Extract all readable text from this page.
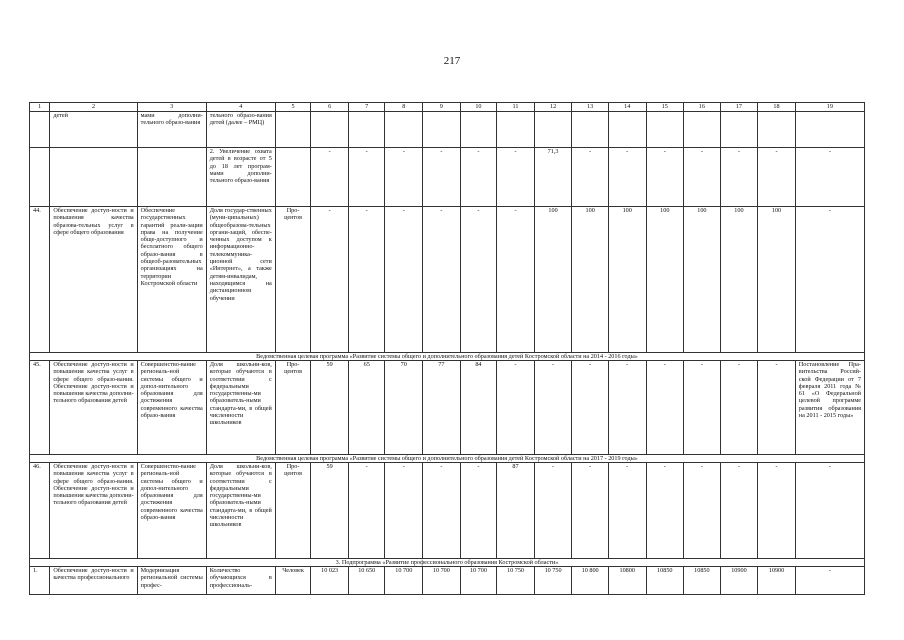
217
1	2	3	4	5	6	7	8	9	10	11	12	13	14	15	16	17	18	19
	детей	мами дополни-тельного образо-вания	тельного образо-вания детей (далее – РМЦ)															
			2. Увеличение охвата детей в возрасте от 5 до 18 лет програм-мами дополни-тельного образо-вания		-	-	-	-	-	-	71,3	-	-	-	-	-	-	-
44.	Обеспечение доступ-ности и повышения качества образова-тельных услуг в сфере общего образования	Обеспечение государственных гарантий реали-зации права на получение обще-доступного и бесплатного общего образо-вания в общеоб-разовательных организациях на территории Костромской области	Доля государ-ственных (муни-ципальных) общеобразова-тельных органи-заций, обеспе-ченных доступом к информационно-телекоммуника-ционной сети «Интернет», а также детям-инвалидам, находящимся на дистанционном обучении	Про-центов	-	-	-	-	-	-	100	100	100	100	100	100	100	-
Ведомственная целевая программа «Развитие системы общего и дополнительного образования детей Костромской области на 2014 - 2016 годы»																		
45.	Обеспечение доступ-ности и повышения качества услуг в сфере общего образо-вания. Обеспечение доступ-ности и повышения качества дополни-тельного образования детей	Совершенство-вание региональ-ной системы общего и допол-нительного образования для достижения современного качества образо-вания	Доля школьни-ков, которые обучаются в соответствии с федеральными государственны-ми образователь-ными стандарта-ми, в общей численности школьников	Про-центов	59	65	70	77	84	-	-	-	-	-	-	-	-	Постановление Пра-вительства Россий-ской Федерации от 7 февраля 2011 года № 61 «О Федеральной целевой программе развития образования на 2011 - 2015 годы»
Ведомственная целевая программа «Развитие системы общего и дополнительного образования детей Костромской области на 2017 - 2019 годы»																		
46.	Обеспечение доступ-ности и повышения качества услуг в сфере общего образо-вания. Обеспечение доступ-ности и повышения качества дополни-тельного образования детей	Совершенство-вание региональ-ной системы общего и допол-нительного образования для достижения современного качества образо-вания	Доля школьни-ков, которые обучаются в соответствии с федеральными государственны-ми образователь-ными стандарта-ми, в общей численности школьников	Про-центов	59	-	-	-	-	87	-	-	-	-	-	-	-	-
3. Подпрограмма «Развитие профессионального образования Костромской области»																		
1.	Обеспечение доступ-ности и качества профессионального	Модернизация региональной системы профес-	Количество обучающихся в профессиональ-	Человек	10 023	10 650	10 700	10 700	10 700	10 750	10 750	10 800	10800	10850	10850	10900	10900	-
